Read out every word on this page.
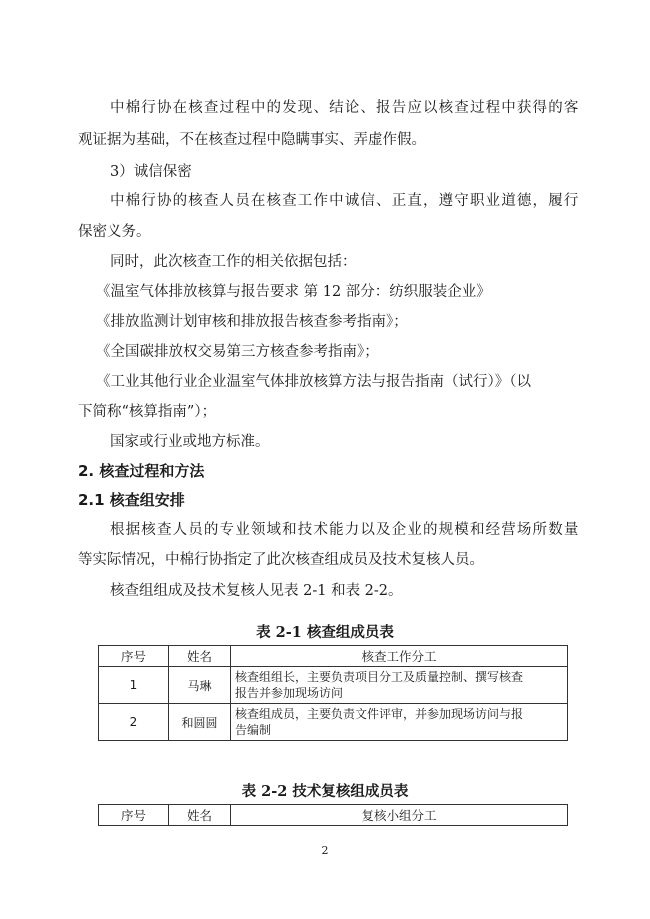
中棉行协在核查过程中的发现、结论、报告应以核查过程中获得的客
观证据为基础，不在核查过程中隐瞒事实、弄虚作假。
3）诚信保密
中棉行协的核查人员在核查工作中诚信、正直，遵守职业道德，履行
保密义务。
同时，此次核查工作的相关依据包括：
《温室气体排放核算与报告要求 第 12 部分：纺织服装企业》
《排放监测计划审核和排放报告核查参考指南》；
《全国碳排放权交易第三方核查参考指南》；
《工业其他行业企业温室气体排放核算方法与报告指南（试行）》（以
下简称“核算指南”）；
国家或行业或地方标准。
2. 核查过程和方法
2.1 核查组安排
根据核查人员的专业领域和技术能力以及企业的规模和经营场所数量
等实际情况，中棉行协指定了此次核查组成员及技术复核人员。
核查组组成及技术复核人见表 2-1 和表 2-2。
表 2-1 核查组成员表
序号	姓名	核查工作分工
1	马琳	核查组组长，主要负责项目分工及质量控制、撰写核查
报告并参加现场访问

2	和圆圆	核查组成员，主要负责文件评审，并参加现场访问与报
告编制
表 2-2 技术复核组成员表
序号	姓名	复核小组分工
2
